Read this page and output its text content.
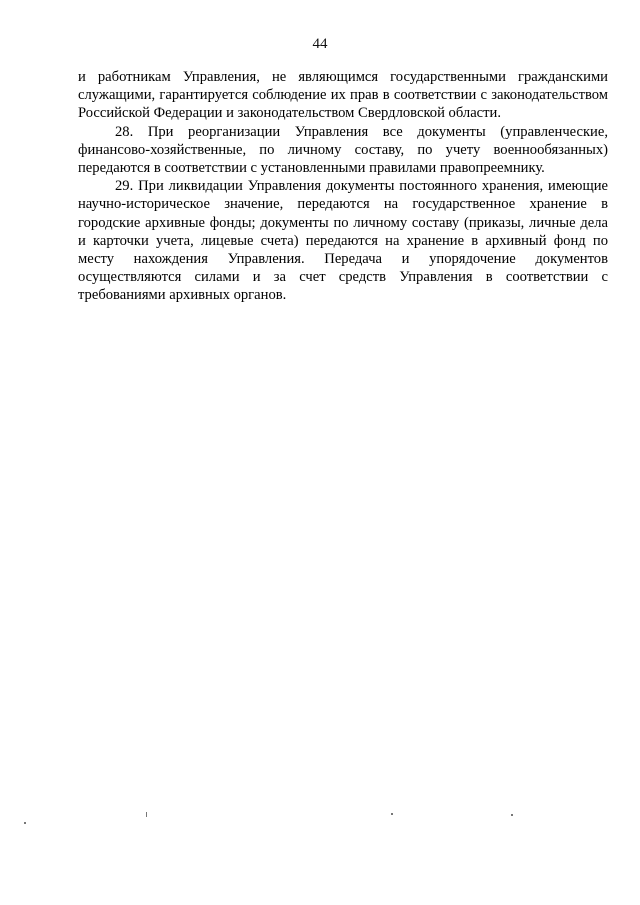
44

и работникам Управления, не являющимся государственными гражданскими служащими, гарантируется соблюдение их прав в соответствии с законодательством Российской Федерации и законодательством Свердловской области.

28. При реорганизации Управления все документы (управленческие, финансово-хозяйственные, по личному составу, по учету военнообязанных) передаются в соответствии с установленными правилами правопреемнику.

29. При ликвидации Управления документы постоянного хранения, имеющие научно-историческое значение, передаются на государственное хранение в городские архивные фонды; документы по личному составу (приказы, личные дела и карточки учета, лицевые счета) передаются на хранение в архивный фонд по месту нахождения Управления. Передача и упорядочение документов осуществляются силами и за счет средств Управления в соответствии с требованиями архивных органов.
